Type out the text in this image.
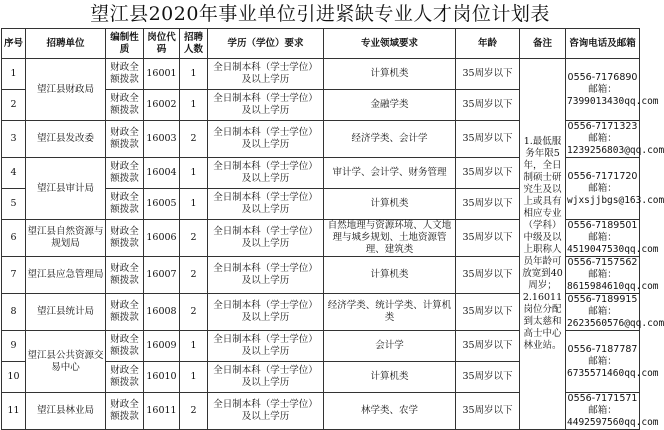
望江县2020年事业单位引进紧缺专业人才岗位计划表
序号	招聘单位	编制性质	岗位代码	招聘人数	学历（学位）要求	专业领域要求	年龄	备注	咨询电话及邮箱
1	望江县财政局	财政全额拨款	16001	1	全日制本科（学士学位）及以上学历	计算机类	35周岁以下	1.最低服务年限5年，全日制硕士研究生及以上或具有相应专业（学科）中级及以上职称人员年龄可放宽到40周岁；2.16011岗位分配到太慈和高士中心林业站。	0556-7176890
邮箱：
7399013430qq.com

2		财政全额拨款	16002	1	全日制本科（学士学位）及以上学历	金融学类	35周岁以下		
3	望江县发改委	财政全额拨款	16003	2	全日制本科（学士学位）及以上学历	经济学类、会计学	35周岁以下		0556-7171323
邮箱：
1239256803@qq.com

4	望江县审计局	财政全额拨款	16004	1	全日制本科（学士学位）及以上学历	审计学、会计学、财务管理	35周岁以下		0556-7171720
邮箱：
wjxsjjbgs@163.com

5		财政全额拨款	16005	1	全日制本科（学士学位）及以上学历	计算机类	35周岁以下		
6	望江县自然资源与规划局	财政全额拨款	16006	2	全日制本科（学士学位）及以上学历	自然地理与资源环境、人文地理与城乡规划、土地资源管理、建筑类	35周岁以下		0556-7189501
邮箱：
4519047530qq.com

7	望江县应急管理局	财政全额拨款	16007	2	全日制本科（学士学位）及以上学历	计算机类	35周岁以下		0556-7157562
邮箱：
8615984610qq.com

8	望江县统计局	财政全额拨款	16008	2	全日制本科（学士学位）及以上学历	经济学类、统计学类、计算机类	35周岁以下		0556-7189915
邮箱：
2623560576@qq.com

9	望江县公共资源交易中心	财政全额拨款	16009	1	全日制本科（学士学位）及以上学历	会计学	35周岁以下		0556-7187787
邮箱：
6735571460qq.com

10		财政全额拨款	16010	1	全日制本科（学士学位）及以上学历	计算机类	35周岁以下		
11	望江县林业局	财政全额拨款	16011	2	全日制本科（学士学位）及以上学历	林学类、农学	35周岁以下		0556-7171571
邮箱：
4492597560qq.com
